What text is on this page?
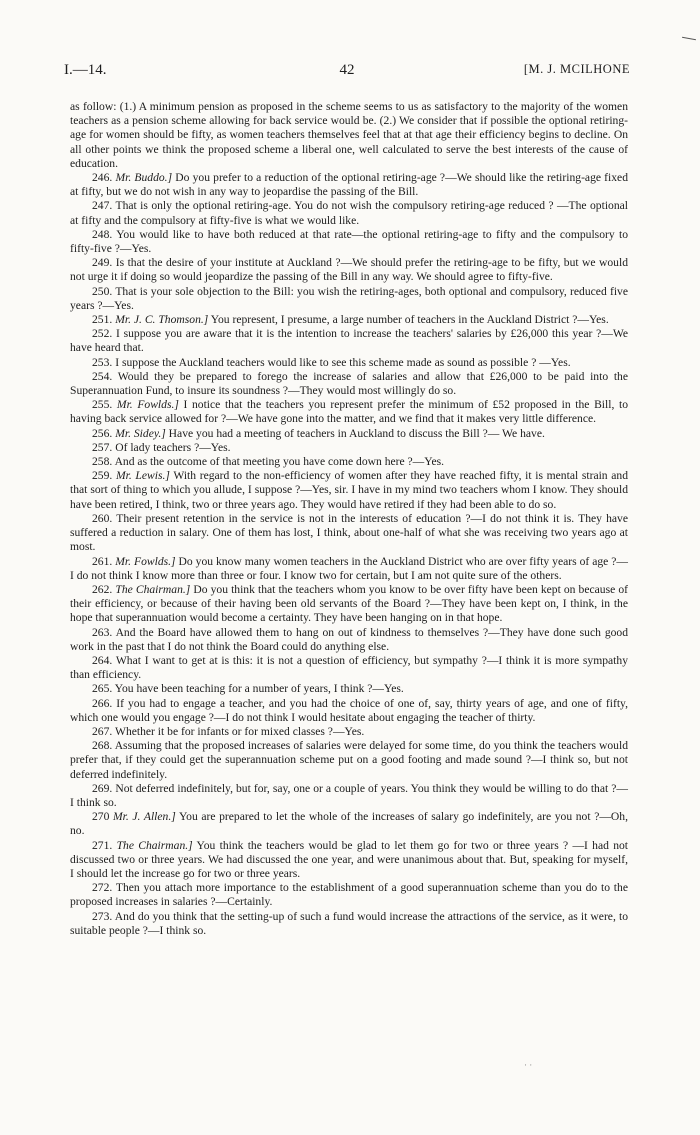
I.—14.	42	[M. J. MCILHONE

as follow: (1.) A minimum pension as proposed in the scheme seems to us as satisfactory to the majority of the women teachers as a pension scheme allowing for back service would be. (2.) We consider that if possible the optional retiring-age for women should be fifty, as women teachers themselves feel that at that age their efficiency begins to decline. On all other points we think the proposed scheme a liberal one, well calculated to serve the best interests of the cause of education.

246. Mr. Buddo.] Do you prefer to a reduction of the optional retiring-age ?—We should like the retiring-age fixed at fifty, but we do not wish in any way to jeopardise the passing of the Bill.

247. That is only the optional retiring-age. You do not wish the compulsory retiring-age reduced ? —The optional at fifty and the compulsory at fifty-five is what we would like.

248. You would like to have both reduced at that rate—the optional retiring-age to fifty and the compulsory to fifty-five ?—Yes.

249. Is that the desire of your institute at Auckland ?—We should prefer the retiring-age to be fifty, but we would not urge it if doing so would jeopardize the passing of the Bill in any way. We should agree to fifty-five.

250. That is your sole objection to the Bill: you wish the retiring-ages, both optional and compulsory, reduced five years ?—Yes.

251. Mr. J. C. Thomson.] You represent, I presume, a large number of teachers in the Auckland District ?—Yes.

252. I suppose you are aware that it is the intention to increase the teachers' salaries by £26,000 this year ?—We have heard that.

253. I suppose the Auckland teachers would like to see this scheme made as sound as possible ? —Yes.

254. Would they be prepared to forego the increase of salaries and allow that £26,000 to be paid into the Superannuation Fund, to insure its soundness ?—They would most willingly do so.

255. Mr. Fowlds.] I notice that the teachers you represent prefer the minimum of £52 proposed in the Bill, to having back service allowed for ?—We have gone into the matter, and we find that it makes very little difference.

256. Mr. Sidey.] Have you had a meeting of teachers in Auckland to discuss the Bill ?— We have.

257. Of lady teachers ?—Yes.

258. And as the outcome of that meeting you have come down here ?—Yes.

259. Mr. Lewis.] With regard to the non-efficiency of women after they have reached fifty, it is mental strain and that sort of thing to which you allude, I suppose ?—Yes, sir. I have in my mind two teachers whom I know. They should have been retired, I think, two or three years ago. They would have retired if they had been able to do so.

260. Their present retention in the service is not in the interests of education ?—I do not think it is. They have suffered a reduction in salary. One of them has lost, I think, about one-half of what she was receiving two years ago at most.

261. Mr. Fowlds.] Do you know many women teachers in the Auckland District who are over fifty years of age ?—I do not think I know more than three or four. I know two for certain, but I am not quite sure of the others.

262. The Chairman.] Do you think that the teachers whom you know to be over fifty have been kept on because of their efficiency, or because of their having been old servants of the Board ?—They have been kept on, I think, in the hope that superannuation would become a certainty. They have been hanging on in that hope.

263. And the Board have allowed them to hang on out of kindness to themselves ?—They have done such good work in the past that I do not think the Board could do anything else.

264. What I want to get at is this: it is not a question of efficiency, but sympathy ?—I think it is more sympathy than efficiency.

265. You have been teaching for a number of years, I think ?—Yes.

266. If you had to engage a teacher, and you had the choice of one of, say, thirty years of age, and one of fifty, which one would you engage ?—I do not think I would hesitate about engaging the teacher of thirty.

267. Whether it be for infants or for mixed classes ?—Yes.

268. Assuming that the proposed increases of salaries were delayed for some time, do you think the teachers would prefer that, if they could get the superannuation scheme put on a good footing and made sound ?—I think so, but not deferred indefinitely.

269. Not deferred indefinitely, but for, say, one or a couple of years. You think they would be willing to do that ?—I think so.

270 Mr. J. Allen.] You are prepared to let the whole of the increases of salary go indefinitely, are you not ?—Oh, no.

271. The Chairman.] You think the teachers would be glad to let them go for two or three years ? —I had not discussed two or three years. We had discussed the one year, and were unanimous about that. But, speaking for myself, I should let the increase go for two or three years.

272. Then you attach more importance to the establishment of a good superannuation scheme than you do to the proposed increases in salaries ?—Certainly.

273. And do you think that the setting-up of such a fund would increase the attractions of the service, as it were, to suitable people ?—I think so.

· ·
